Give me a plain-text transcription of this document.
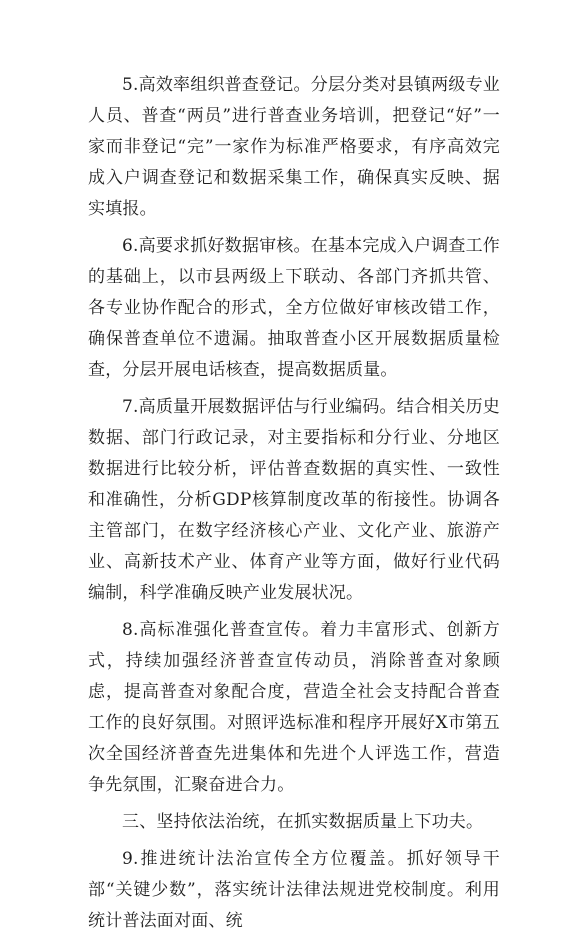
5.高效率组织普查登记。分层分类对县镇两级专业人员、普查“两员”进行普查业务培训，把登记“好”一家而非登记“完”一家作为标准严格要求，有序高效完成入户调查登记和数据采集工作，确保真实反映、据实填报。

6.高要求抓好数据审核。在基本完成入户调查工作的基础上，以市县两级上下联动、各部门齐抓共管、各专业协作配合的形式，全方位做好审核改错工作，确保普查单位不遗漏。抽取普查小区开展数据质量检查，分层开展电话核查，提高数据质量。

7.高质量开展数据评估与行业编码。结合相关历史数据、部门行政记录，对主要指标和分行业、分地区数据进行比较分析，评估普查数据的真实性、一致性和准确性，分析GDP核算制度改革的衔接性。协调各主管部门，在数字经济核心产业、文化产业、旅游产业、高新技术产业、体育产业等方面，做好行业代码编制，科学准确反映产业发展状况。

8.高标准强化普查宣传。着力丰富形式、创新方式，持续加强经济普查宣传动员，消除普查对象顾虑，提高普查对象配合度，营造全社会支持配合普查工作的良好氛围。对照评选标准和程序开展好X市第五次全国经济普查先进集体和先进个人评选工作，营造争先氛围，汇聚奋进合力。

三、坚持依法治统，在抓实数据质量上下功夫。

9.推进统计法治宣传全方位覆盖。抓好领导干部“关键少数”，落实统计法律法规进党校制度。利用统计普法面对面、统
